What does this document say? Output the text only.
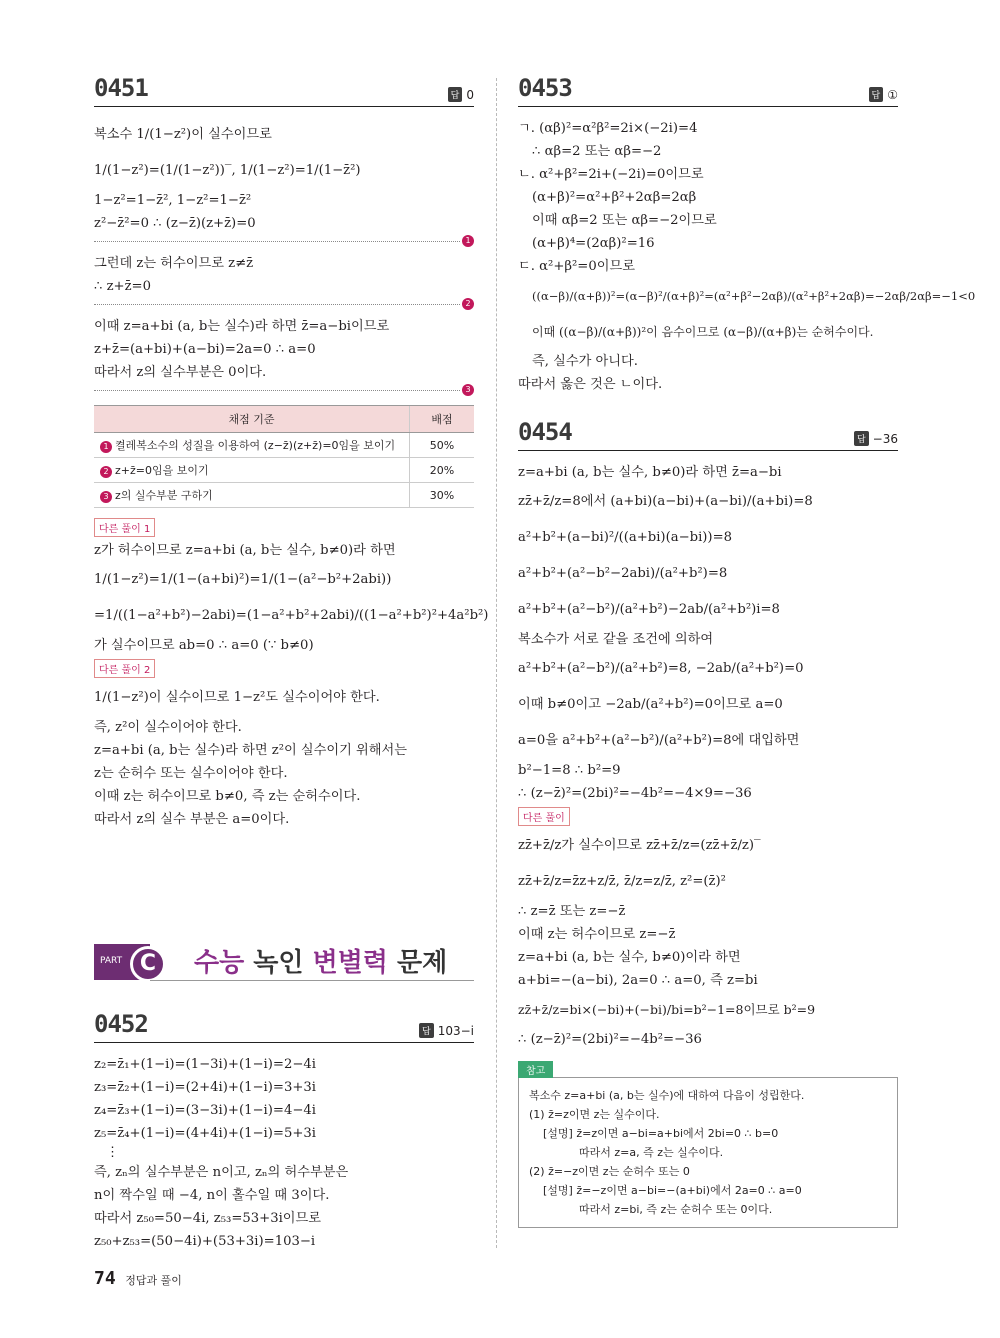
0451	답 0
복소수 1/(1−z²)이 실수이므로
1/(1−z²)=(1/(1−z²))‾, 1/(1−z²)=1/(1−z̄²)
1−z²=1−z̄², 1−z²=1−z̄²
z²−z̄²=0 ∴ (z−z̄)(z+z̄)=0
1
그런데 z는 허수이므로 z≠z̄
∴ z+z̄=0
2
이때 z=a+bi (a, b는 실수)라 하면 z̄=a−bi이므로
z+z̄=(a+bi)+(a−bi)=2a=0 ∴ a=0
따라서 z의 실수부분은 0이다.
3
채점 기준	배점
1 켤레복소수의 성질을 이용하여 (z−z̄)(z+z̄)=0임을 보이기	50%
2 z+z̄=0임을 보이기	20%
3 z의 실수부분 구하기	30%
다른 풀이 1
z가 허수이므로 z=a+bi (a, b는 실수, b≠0)라 하면
1/(1−z²)=1/(1−(a+bi)²)=1/(1−(a²−b²+2abi))
=1/((1−a²+b²)−2abi)=(1−a²+b²+2abi)/((1−a²+b²)²+4a²b²)
가 실수이므로 ab=0 ∴ a=0 (∵ b≠0)
다른 풀이 2
1/(1−z²)이 실수이므로 1−z²도 실수이어야 한다.
즉, z²이 실수이어야 한다.
z=a+bi (a, b는 실수)라 하면 z²이 실수이기 위해서는
z는 순허수 또는 실수이어야 한다.
이때 z는 허수이므로 b≠0, 즉 z는 순허수이다.
따라서 z의 실수 부분은 a=0이다.
PART C	수능 녹인 변별력 문제
0452	답 103−i
z₂=z̄₁+(1−i)=(1−3i)+(1−i)=2−4i
z₃=z̄₂+(1−i)=(2+4i)+(1−i)=3+3i
z₄=z̄₃+(1−i)=(3−3i)+(1−i)=4−4i
z₅=z̄₄+(1−i)=(4+4i)+(1−i)=5+3i
⋮
즉, zₙ의 실수부분은 n이고, zₙ의 허수부분은
n이 짝수일 때 −4, n이 홀수일 때 3이다.
따라서 z₅₀=50−4i, z₅₃=53+3i이므로
z₅₀+z₅₃=(50−4i)+(53+3i)=103−i
0453	답 ①
ㄱ. (αβ)²=α²β²=2i×(−2i)=4
∴ αβ=2 또는 αβ=−2
ㄴ. α²+β²=2i+(−2i)=0이므로
(α+β)²=α²+β²+2αβ=2αβ
이때 αβ=2 또는 αβ=−2이므로
(α+β)⁴=(2αβ)²=16
ㄷ. α²+β²=0이므로
((α−β)/(α+β))²=(α−β)²/(α+β)²=(α²+β²−2αβ)/(α²+β²+2αβ)=−2αβ/2αβ=−1<0
이때 ((α−β)/(α+β))²이 음수이므로 (α−β)/(α+β)는 순허수이다.
즉, 실수가 아니다.
따라서 옳은 것은 ㄴ이다.
0454	답 −36
z=a+bi (a, b는 실수, b≠0)라 하면 z̄=a−bi
zz̄+z̄/z=8에서 (a+bi)(a−bi)+(a−bi)/(a+bi)=8
a²+b²+(a−bi)²/((a+bi)(a−bi))=8
a²+b²+(a²−b²−2abi)/(a²+b²)=8
a²+b²+(a²−b²)/(a²+b²)−2ab/(a²+b²)i=8
복소수가 서로 같을 조건에 의하여
a²+b²+(a²−b²)/(a²+b²)=8, −2ab/(a²+b²)=0
이때 b≠0이고 −2ab/(a²+b²)=0이므로 a=0
a=0을 a²+b²+(a²−b²)/(a²+b²)=8에 대입하면
b²−1=8 ∴ b²=9
∴ (z−z̄)²=(2bi)²=−4b²=−4×9=−36
다른 풀이
zz̄+z̄/z가 실수이므로 zz̄+z̄/z=(zz̄+z̄/z)‾
zz̄+z̄/z=z̄z+z/z̄, z̄/z=z/z̄, z²=(z̄)²
∴ z=z̄ 또는 z=−z̄
이때 z는 허수이므로 z=−z̄
z=a+bi (a, b는 실수, b≠0)이라 하면
a+bi=−(a−bi), 2a=0 ∴ a=0, 즉 z=bi
zz̄+z̄/z=bi×(−bi)+(−bi)/bi=b²−1=8이므로 b²=9
∴ (z−z̄)²=(2bi)²=−4b²=−36
참고
복소수 z=a+bi (a, b는 실수)에 대하여 다음이 성립한다.
(1) z̄=z이면 z는 실수이다.
[설명] z̄=z이면 a−bi=a+bi에서 2bi=0 ∴ b=0
따라서 z=a, 즉 z는 실수이다.
(2) z̄=−z이면 z는 순허수 또는 0
[설명] z̄=−z이면 a−bi=−(a+bi)에서 2a=0 ∴ a=0
따라서 z=bi, 즉 z는 순허수 또는 0이다.
74 정답과 풀이
